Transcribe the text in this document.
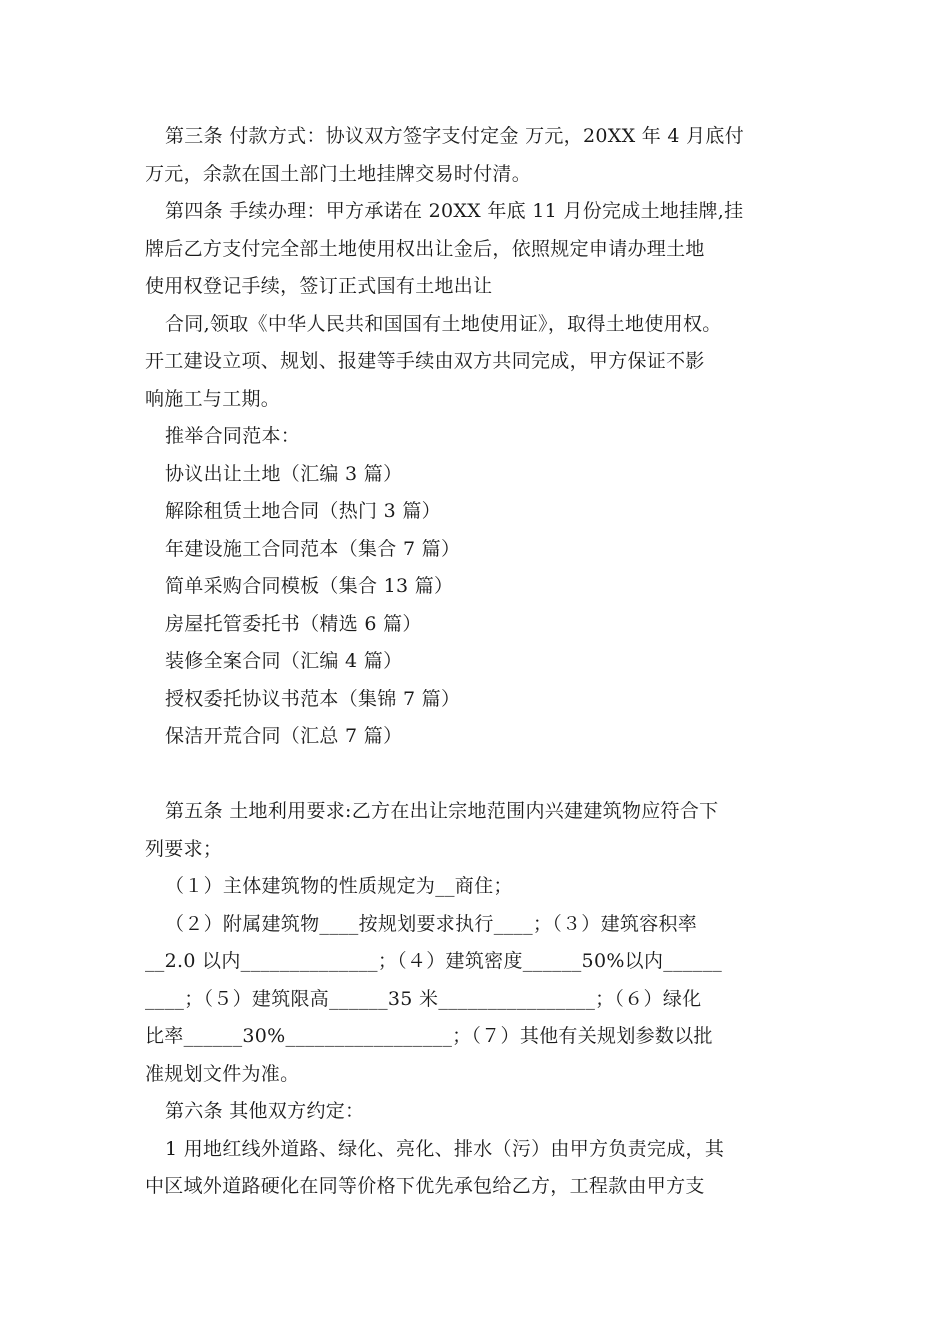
第三条 付款方式：协议双方签字支付定金 万元，20XX 年 4 月底付
万元，余款在国土部门土地挂牌交易时付清。
第四条 手续办理：甲方承诺在 20XX 年底 11 月份完成土地挂牌,挂
牌后乙方支付完全部土地使用权出让金后，依照规定申请办理土地
使用权登记手续，签订正式国有土地出让
合同,领取《中华人民共和国国有土地使用证》，取得土地使用权。
开工建设立项、规划、报建等手续由双方共同完成，甲方保证不影
响施工与工期。
推举合同范本：
协议出让土地（汇编 3 篇）
解除租赁土地合同（热门 3 篇）
年建设施工合同范本（集合 7 篇）
简单采购合同模板（集合 13 篇）
房屋托管委托书（精选 6 篇）
装修全案合同（汇编 4 篇）
授权委托协议书范本（集锦 7 篇）
保洁开荒合同（汇总 7 篇）
第五条 土地利用要求:乙方在出让宗地范围内兴建建筑物应符合下
列要求；
（１）主体建筑物的性质规定为__商住；
（２）附属建筑物____按规划要求执行____；（３）建筑容积率
__2.0 以内______________；（４）建筑密度______50%以内______
____；（５）建筑限高______35 米________________；（６）绿化
比率______30%_________________；（７）其他有关规划参数以批
准规划文件为准。
第六条 其他双方约定：
1 用地红线外道路、绿化、亮化、排水（污）由甲方负责完成，其
中区域外道路硬化在同等价格下优先承包给乙方，工程款由甲方支
